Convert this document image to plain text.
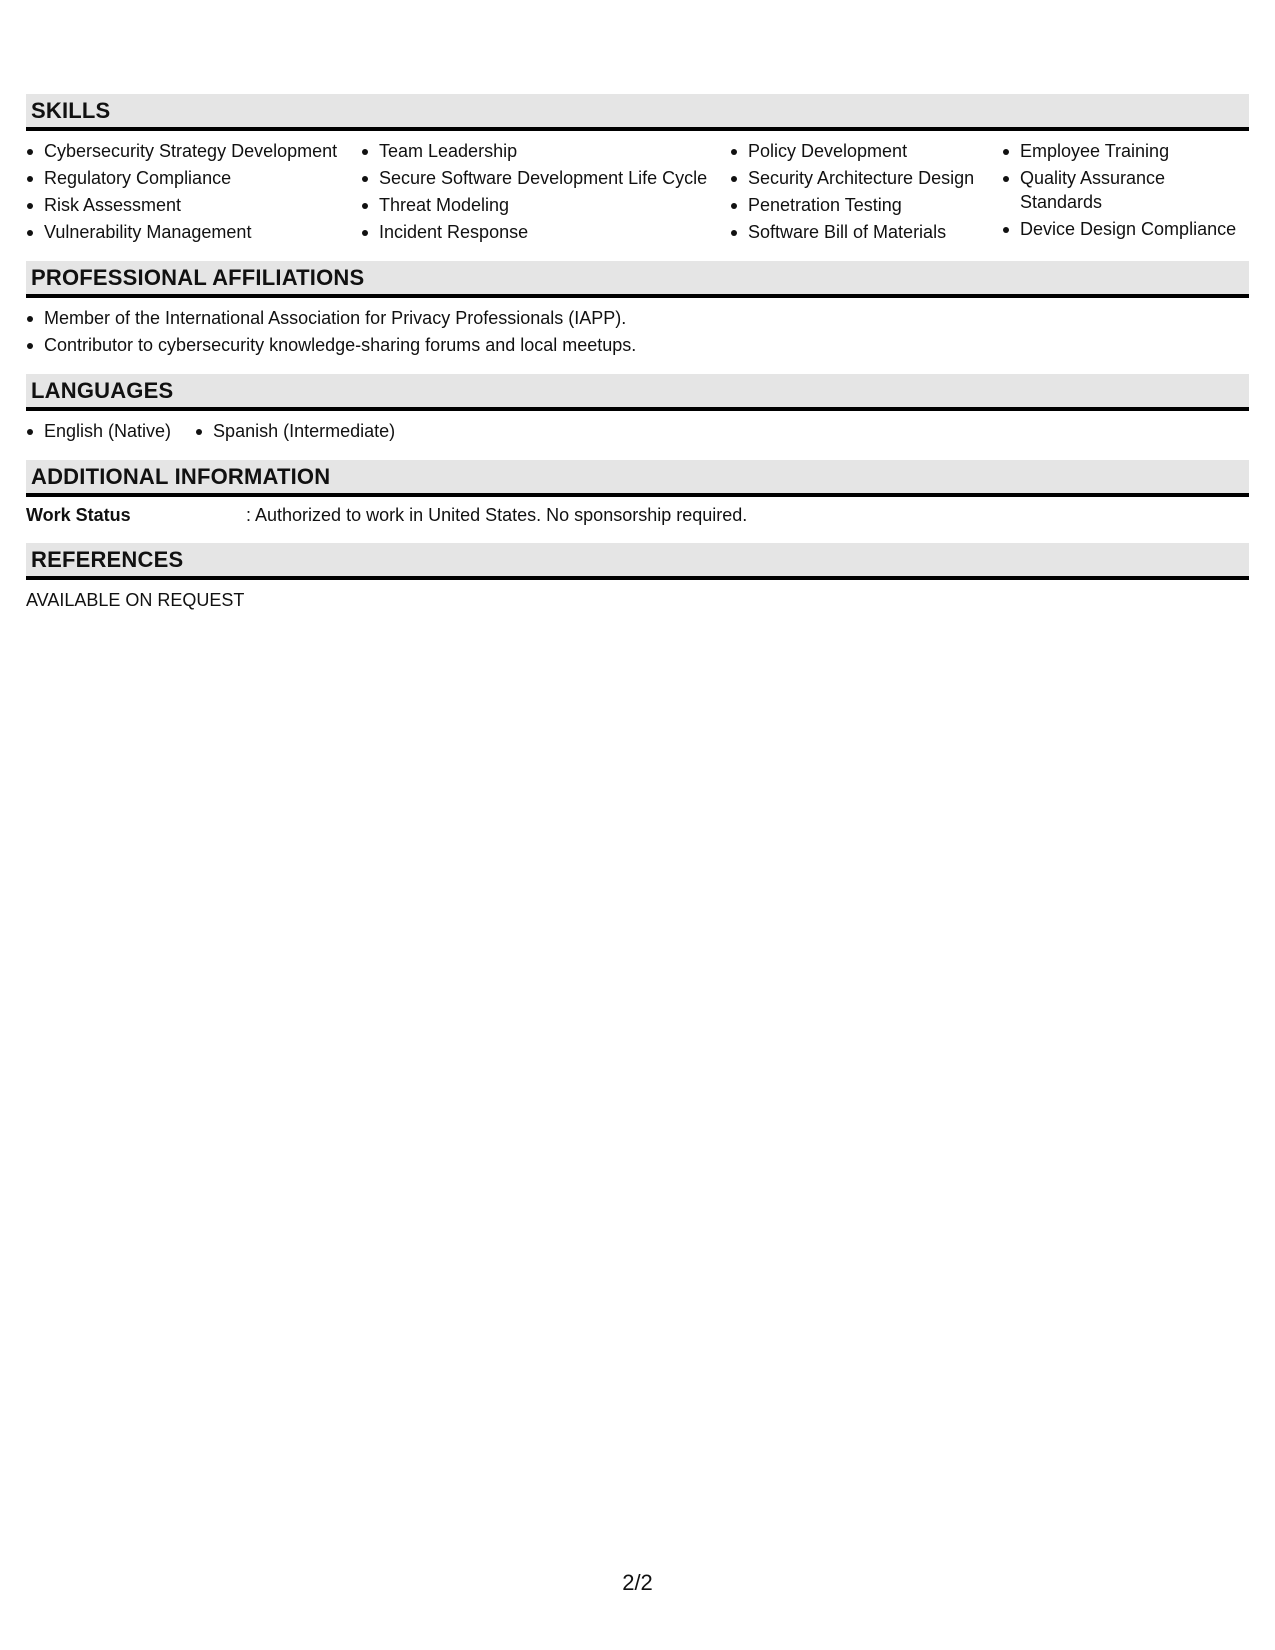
SKILLS
Cybersecurity Strategy Development
Regulatory Compliance
Risk Assessment
Vulnerability Management
Team Leadership
Secure Software Development Life Cycle
Threat Modeling
Incident Response
Policy Development
Security Architecture Design
Penetration Testing
Software Bill of Materials
Employee Training
Quality Assurance Standards
Device Design Compliance
PROFESSIONAL AFFILIATIONS
Member of the International Association for Privacy Professionals (IAPP).
Contributor to cybersecurity knowledge-sharing forums and local meetups.
LANGUAGES
English (Native)	Spanish (Intermediate)
ADDITIONAL INFORMATION
Work Status	: Authorized to work in United States. No sponsorship required.
REFERENCES
AVAILABLE ON REQUEST
2/2
